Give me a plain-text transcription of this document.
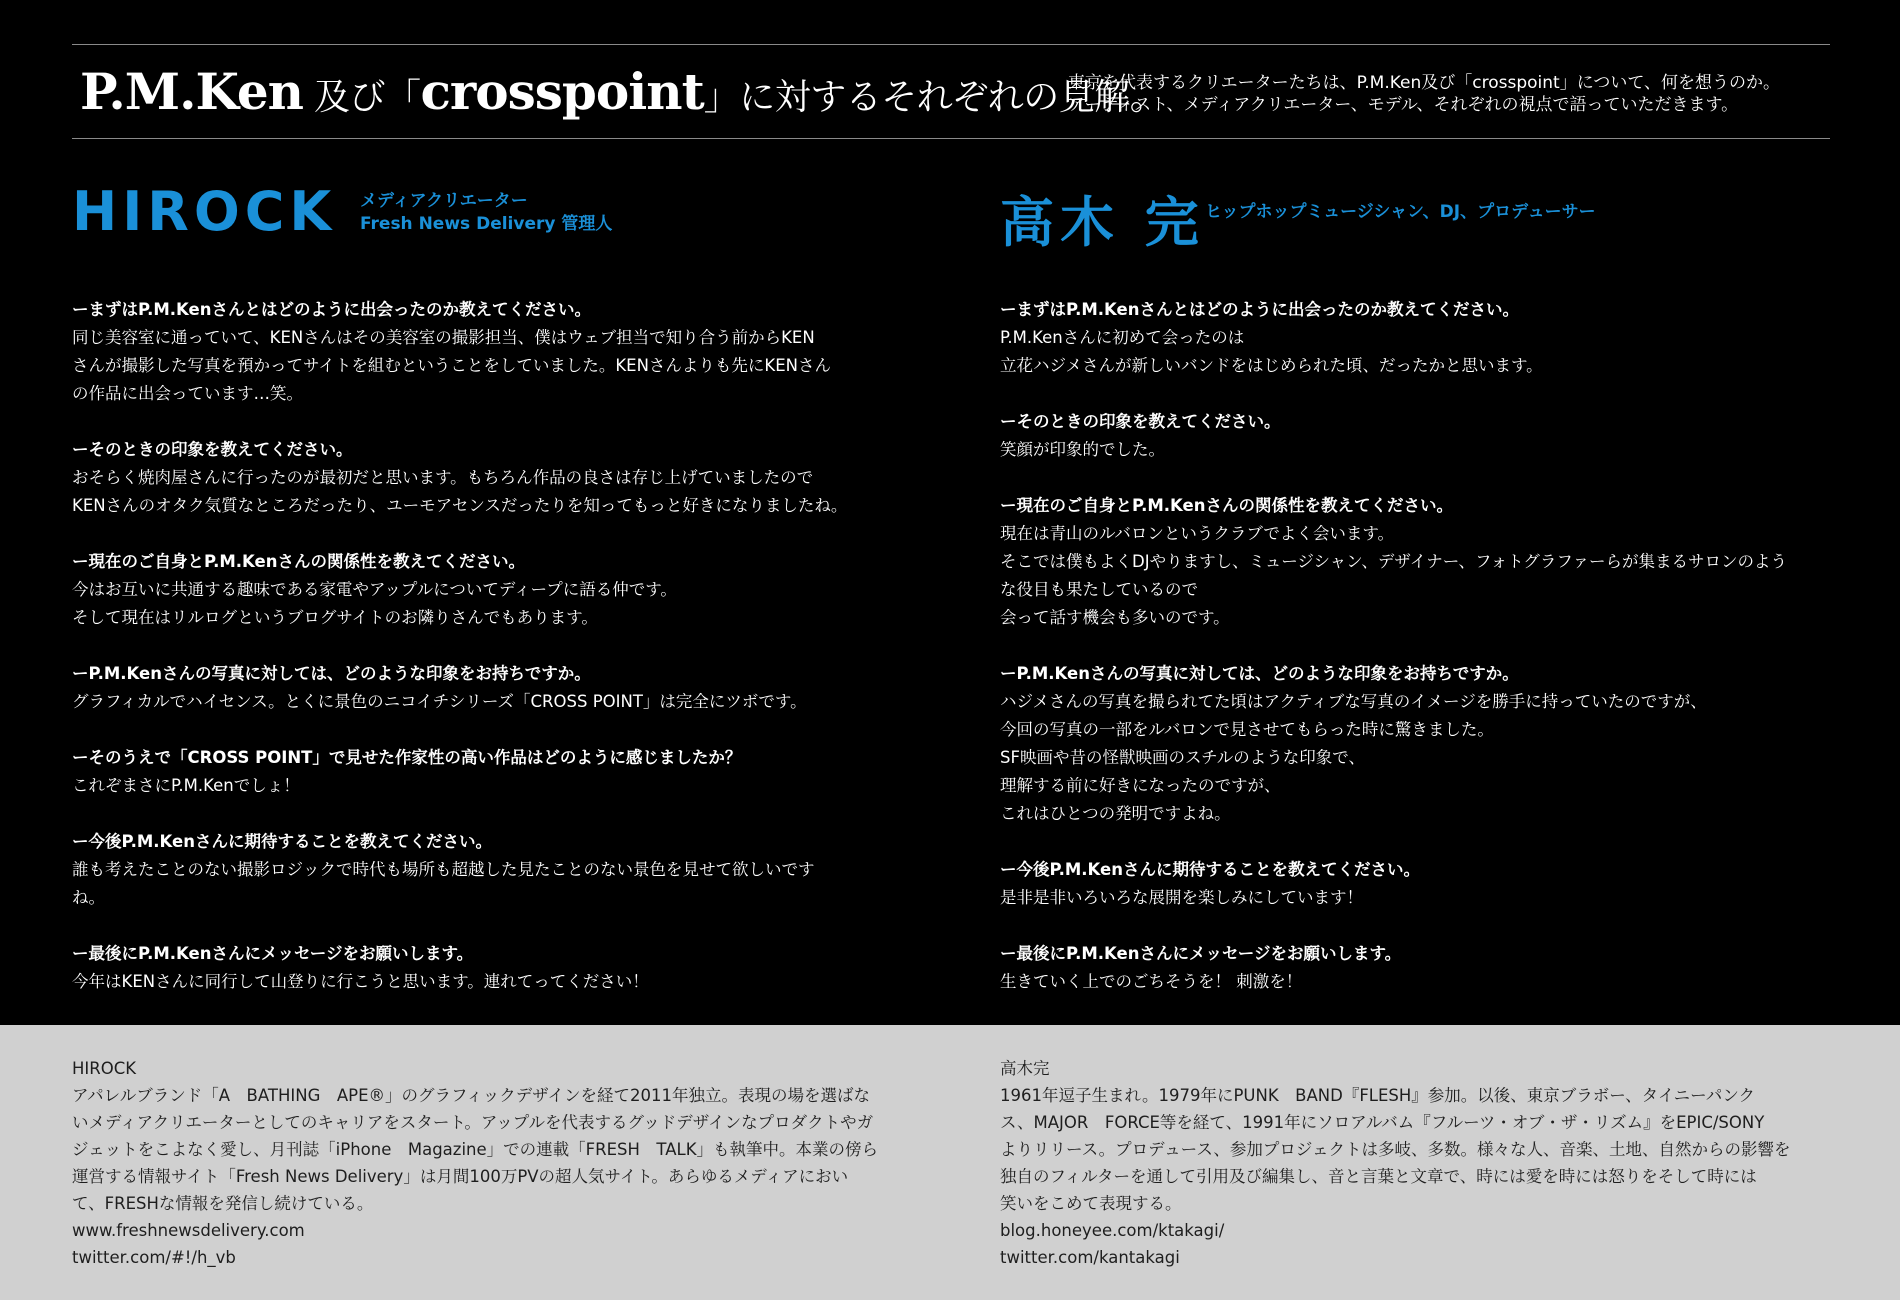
P.M.Ken 及び「crosspoint」に対するそれぞれの見解。
東京を代表するクリエーターたちは、P.M.Ken及び「crosspoint」について、何を想うのか。
アーティスト、メディアクリエーター、モデル、それぞれの視点で語っていただきます。
HIROCK メディアクリエーター
Fresh News Delivery 管理人
ーまずはP.M.Kenさんとはどのように出会ったのか教えてください。
同じ美容室に通っていて、KENさんはその美容室の撮影担当、僕はウェブ担当で知り合う前からKEN
さんが撮影した写真を預かってサイトを組むということをしていました。KENさんよりも先にKENさん
の作品に出会っています…笑。
ーそのときの印象を教えてください。
おそらく焼肉屋さんに行ったのが最初だと思います。もちろん作品の良さは存じ上げていましたので
KENさんのオタク気質なところだったり、ユーモアセンスだったりを知ってもっと好きになりましたね。
ー現在のご自身とP.M.Kenさんの関係性を教えてください。
今はお互いに共通する趣味である家電やアップルについてディープに語る仲です。
そして現在はリルログというブログサイトのお隣りさんでもあります。
ーP.M.Kenさんの写真に対しては、どのような印象をお持ちですか。
グラフィカルでハイセンス。とくに景色のニコイチシリーズ「CROSS POINT」は完全にツボです。
ーそのうえで「CROSS POINT」で見せた作家性の高い作品はどのように感じましたか？
これぞまさにP.M.Kenでしょ！
ー今後P.M.Kenさんに期待することを教えてください。
誰も考えたことのない撮影ロジックで時代も場所も超越した見たことのない景色を見せて欲しいです
ね。
ー最後にP.M.Kenさんにメッセージをお願いします。
今年はKENさんに同行して山登りに行こうと思います。連れてってください！
高木 完 ヒップホップミュージシャン、DJ、プロデューサー
ーまずはP.M.Kenさんとはどのように出会ったのか教えてください。
P.M.Kenさんに初めて会ったのは
立花ハジメさんが新しいバンドをはじめられた頃、だったかと思います。
ーそのときの印象を教えてください。
笑顔が印象的でした。
ー現在のご自身とP.M.Kenさんの関係性を教えてください。
現在は青山のルバロンというクラブでよく会います。
そこでは僕もよくDJやりますし、ミュージシャン、デザイナー、フォトグラファーらが集まるサロンのよう
な役目も果たしているので
会って話す機会も多いのです。
ーP.M.Kenさんの写真に対しては、どのような印象をお持ちですか。
ハジメさんの写真を撮られてた頃はアクティブな写真のイメージを勝手に持っていたのですが、
今回の写真の一部をルバロンで見させてもらった時に驚きました。
SF映画や昔の怪獣映画のスチルのような印象で、
理解する前に好きになったのですが、
これはひとつの発明ですよね。
ー今後P.M.Kenさんに期待することを教えてください。
是非是非いろいろな展開を楽しみにしています！
ー最後にP.M.Kenさんにメッセージをお願いします。
生きていく上でのごちそうを！ 刺激を！
HIROCK
アパレルブランド「A　BATHING　APE®」のグラフィックデザインを経て2011年独立。表現の場を選ばな
いメディアクリエーターとしてのキャリアをスタート。アップルを代表するグッドデザインなプロダクトやガ
ジェットをこよなく愛し、月刊誌「iPhone　Magazine」での連載「FRESH　TALK」も執筆中。本業の傍ら
運営する情報サイト「Fresh News Delivery」は月間100万PVの超人気サイト。あらゆるメディアにおい
て、FRESHな情報を発信し続けている。
www.freshnewsdelivery.com
twitter.com/#!/h_vb
高木完
1961年逗子生まれ。1979年にPUNK　BAND『FLESH』参加。以後、東京ブラボー、タイニーパンク
ス、MAJOR　FORCE等を経て、1991年にソロアルバム『フルーツ・オブ・ザ・リズム』をEPIC/SONY
よりリリース。プロデュース、参加プロジェクトは多岐、多数。様々な人、音楽、土地、自然からの影響を
独自のフィルターを通して引用及び編集し、音と言葉と文章で、時には愛を時には怒りをそして時には
笑いをこめて表現する。
blog.honeyee.com/ktakagi/
twitter.com/kantakagi
